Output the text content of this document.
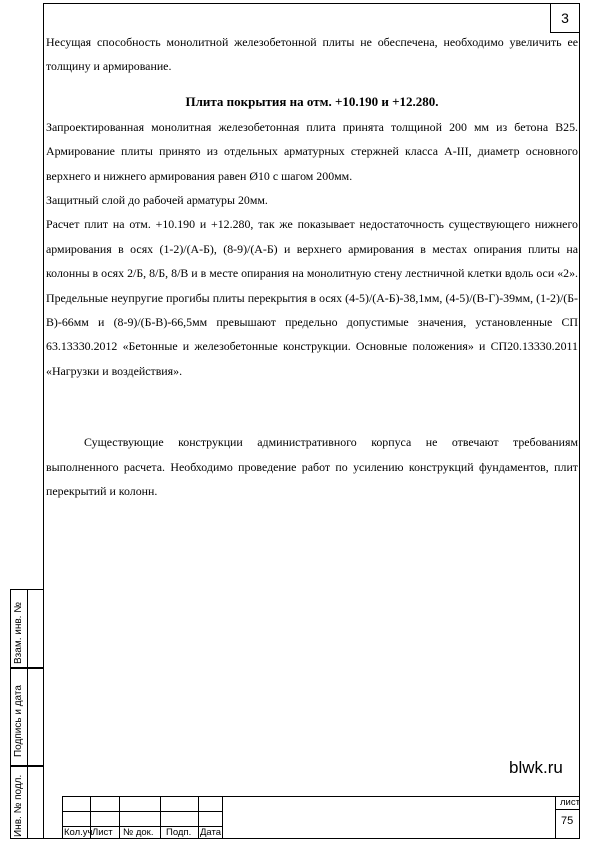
3

Несущая способность монолитной железобетонной плиты не обеспечена, необходимо увеличить ее толщину и армирование.

Плита покрытия на отм. +10.190 и +12.280.

Запроектированная монолитная железобетонная плита принята толщиной 200 мм из бетона В25. Армирование плиты принято из отдельных арматурных стержней класса А-III, диаметр основного верхнего и нижнего армирования равен Ø10 с шагом 200мм.

Защитный слой до рабочей арматуры 20мм.

Расчет плит на отм. +10.190 и +12.280, так же показывает недостаточность существующего нижнего армирования в осях (1-2)/(А-Б), (8-9)/(А-Б) и верхнего армирования в местах опирания плиты на колонны в осях 2/Б, 8/Б, 8/В и в месте опирания на монолитную стену лестничной клетки вдоль оси «2». Предельные неупругие прогибы плиты перекрытия в осях (4-5)/(А-Б)-38,1мм, (4-5)/(В-Г)-39мм, (1-2)/(Б-В)-66мм и (8-9)/(Б-В)-66,5мм превышают предельно допустимые значения, установленные СП 63.13330.2012 «Бетонные и железобетонные конструкции. Основные положения» и СП20.13330.2011 «Нагрузки и воздействия».

Существующие конструкции административного корпуса не отвечают требованиям выполненного расчета. Необходимо проведение работ по усилению конструкций фундаментов, плит перекрытий и колонн.

Взам. инв. №
Подпись и дата
Инв. № подл.
blwk.ru
Кол.уч Лист № док. Подп. Дата
лист
75
